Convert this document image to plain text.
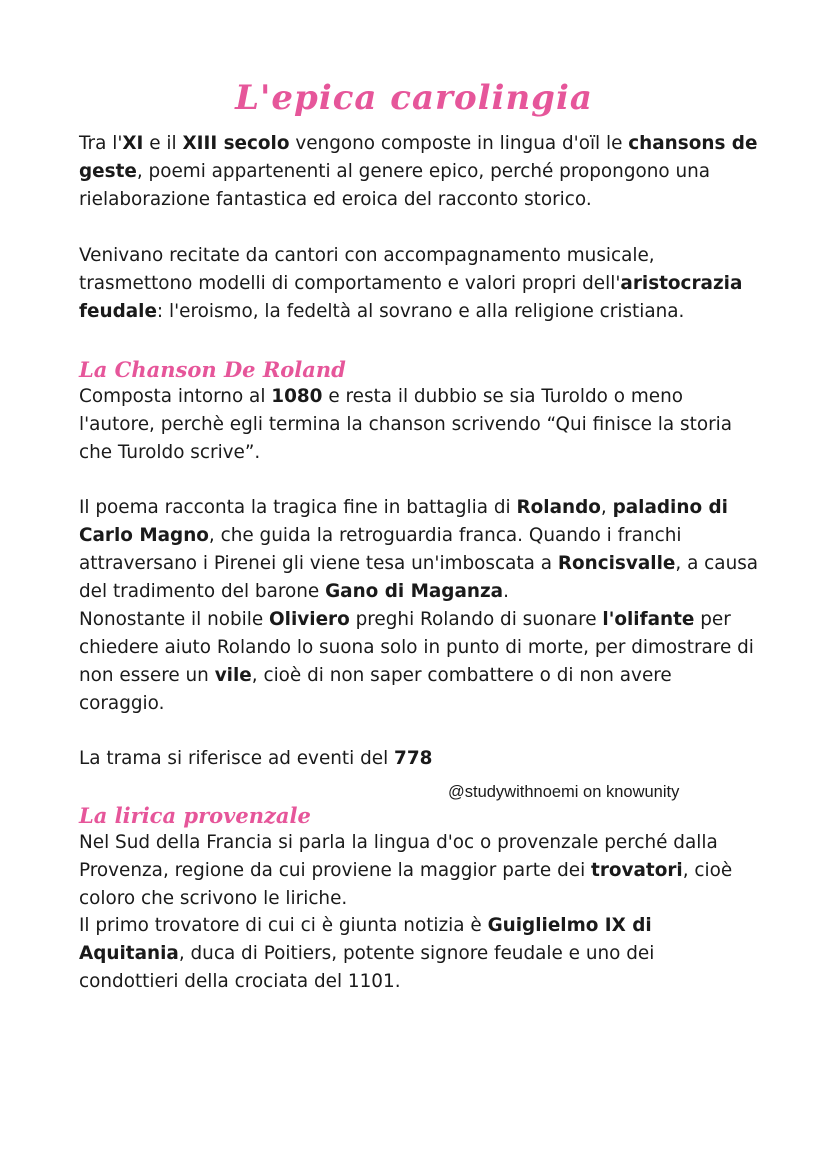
L'epica carolingia

Tra l'XI e il XIII secolo vengono composte in lingua d'oïl le chansons de geste, poemi appartenenti al genere epico, perché propongono una rielaborazione fantastica ed eroica del racconto storico.

Venivano recitate da cantori con accompagnamento musicale, trasmettono modelli di comportamento e valori propri dell'aristocrazia feudale: l'eroismo, la fedeltà al sovrano e alla religione cristiana.

La Chanson De Roland

Composta intorno al 1080 e resta il dubbio se sia Turoldo o meno l'autore, perchè egli termina la chanson scrivendo “Qui finisce la storia che Turoldo scrive”.

Il poema racconta la tragica fine in battaglia di Rolando, paladino di Carlo Magno, che guida la retroguardia franca. Quando i franchi attraversano i Pirenei gli viene tesa un'imboscata a Roncisvalle, a causa del tradimento del barone Gano di Maganza.

Nonostante il nobile Oliviero preghi Rolando di suonare l'olifante per chiedere aiuto Rolando lo suona solo in punto di morte, per dimostrare di non essere un vile, cioè di non saper combattere o di non avere coraggio.

La trama si riferisce ad eventi del 778

@studywithnoemi on knowunity

La lirica provenzale

Nel Sud della Francia si parla la lingua d'oc o provenzale perché dalla Provenza, regione da cui proviene la maggior parte dei trovatori, cioè coloro che scrivono le liriche.

Il primo trovatore di cui ci è giunta notizia è Guiglielmo IX di Aquitania, duca di Poitiers, potente signore feudale e uno dei condottieri della crociata del 1101.
